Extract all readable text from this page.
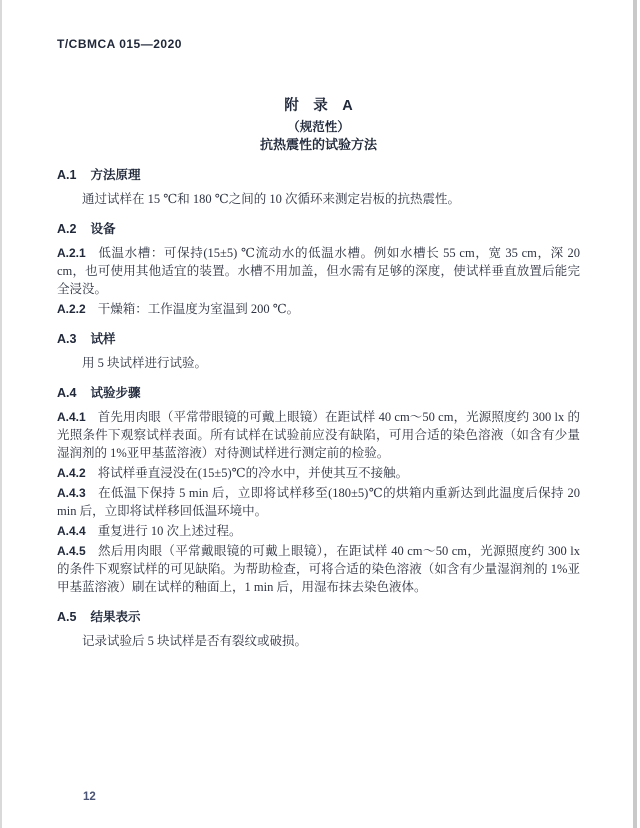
T/CBMCA 015—2020

附　录　A

（规范性）

抗热震性的试验方法

A.1 方法原理

通过试样在 15 ℃和 180 ℃之间的 10 次循环来测定岩板的抗热震性。

A.2 设备

A.2.1 低温水槽：可保持(15±5) ℃流动水的低温水槽。例如水槽长 55 cm，宽 35 cm，深 20 cm，也可使用其他适宜的装置。水槽不用加盖，但水需有足够的深度，使试样垂直放置后能完全浸没。

A.2.2 干燥箱：工作温度为室温到 200 ℃。

A.3 试样

用 5 块试样进行试验。

A.4 试验步骤

A.4.1 首先用肉眼（平常带眼镜的可戴上眼镜）在距试样 40 cm～50 cm，光源照度约 300 lx 的光照条件下观察试样表面。所有试样在试验前应没有缺陷，可用合适的染色溶液（如含有少量湿润剂的 1%亚甲基蓝溶液）对待测试样进行测定前的检验。

A.4.2 将试样垂直浸没在(15±5)℃的冷水中，并使其互不接触。

A.4.3 在低温下保持 5 min 后，立即将试样移至(180±5)℃的烘箱内重新达到此温度后保持 20 min 后，立即将试样移回低温环境中。

A.4.4 重复进行 10 次上述过程。

A.4.5 然后用肉眼（平常戴眼镜的可戴上眼镜），在距试样 40 cm～50 cm，光源照度约 300 lx 的条件下观察试样的可见缺陷。为帮助检查，可将合适的染色溶液（如含有少量湿润剂的 1%亚甲基蓝溶液）刷在试样的釉面上，1 min 后，用湿布抹去染色液体。

A.5 结果表示

记录试验后 5 块试样是否有裂纹或破损。

12
